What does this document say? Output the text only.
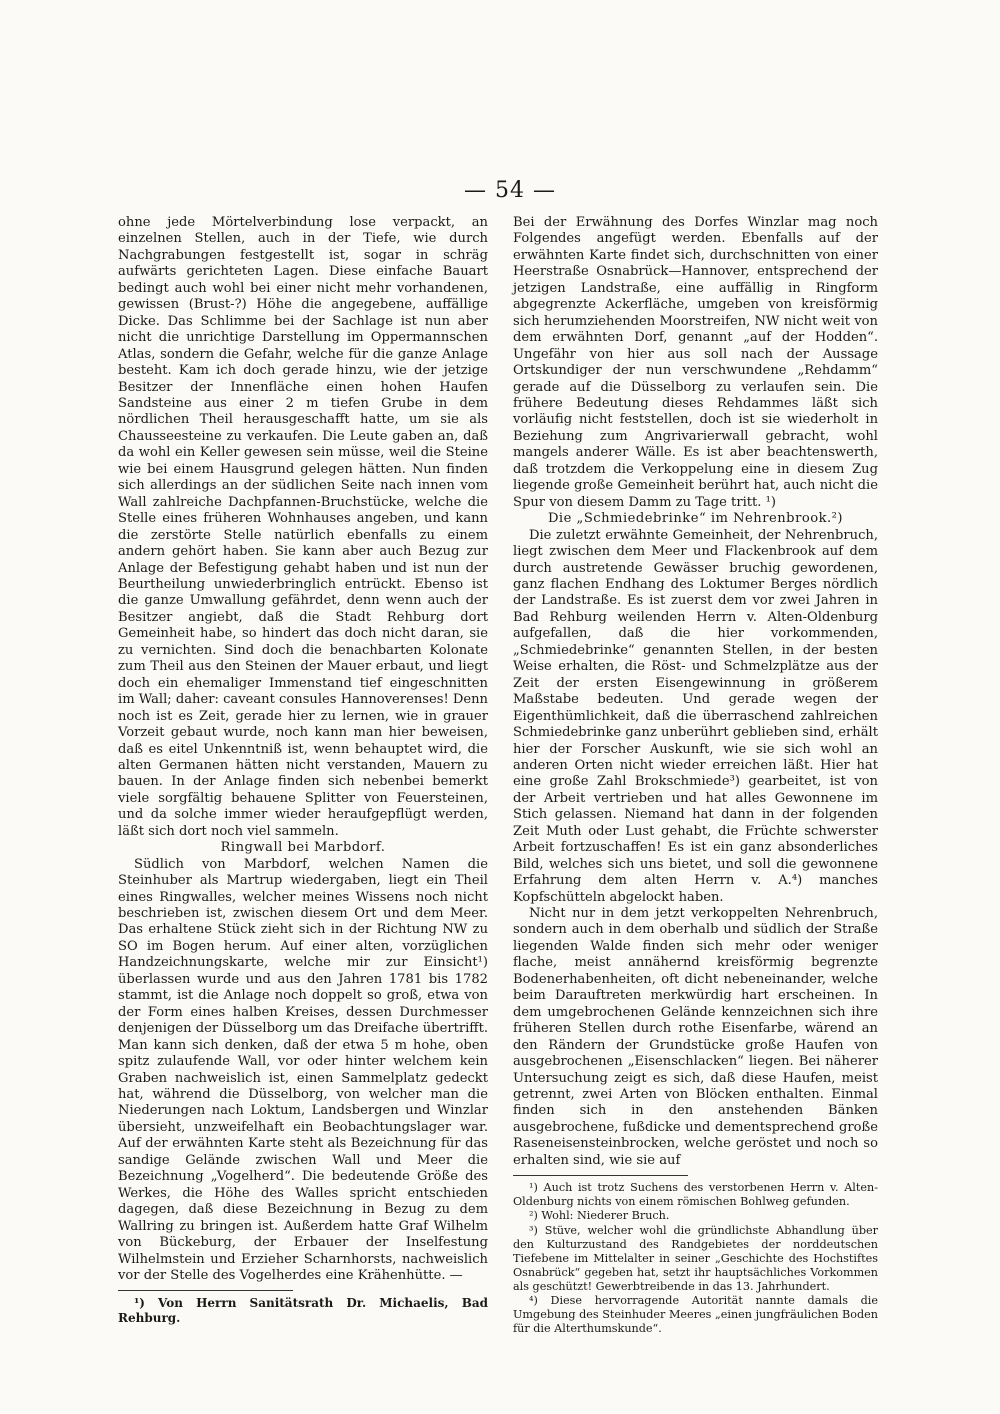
— 54 —

ohne jede Mörtelverbindung lose verpackt, an einzelnen Stellen, auch in der Tiefe, wie durch Nachgrabungen festgestellt ist, sogar in schräg aufwärts gerichteten Lagen. Diese einfache Bauart bedingt auch wohl bei einer nicht mehr vorhandenen, gewissen (Brust-?) Höhe die angegebene, auffällige Dicke. Das Schlimme bei der Sachlage ist nun aber nicht die unrichtige Darstellung im Oppermannschen Atlas, sondern die Gefahr, welche für die ganze Anlage besteht. Kam ich doch gerade hinzu, wie der jetzige Besitzer der Innenfläche einen hohen Haufen Sandsteine aus einer 2 m tiefen Grube in dem nördlichen Theil herausgeschafft hatte, um sie als Chausseesteine zu verkaufen. Die Leute gaben an, daß da wohl ein Keller gewesen sein müsse, weil die Steine wie bei einem Hausgrund gelegen hätten. Nun finden sich allerdings an der südlichen Seite nach innen vom Wall zahlreiche Dachpfannen-Bruchstücke, welche die Stelle eines früheren Wohnhauses angeben, und kann die zerstörte Stelle natürlich ebenfalls zu einem andern gehört haben. Sie kann aber auch Bezug zur Anlage der Befestigung gehabt haben und ist nun der Beurtheilung unwiederbringlich entrückt. Ebenso ist die ganze Umwallung gefährdet, denn wenn auch der Besitzer angiebt, daß die Stadt Rehburg dort Gemeinheit habe, so hindert das doch nicht daran, sie zu vernichten. Sind doch die benachbarten Kolonate zum Theil aus den Steinen der Mauer erbaut, und liegt doch ein ehemaliger Immenstand tief eingeschnitten im Wall; daher: caveant consules Hannoverenses! Denn noch ist es Zeit, gerade hier zu lernen, wie in grauer Vorzeit gebaut wurde, noch kann man hier beweisen, daß es eitel Unkenntniß ist, wenn behauptet wird, die alten Germanen hätten nicht verstanden, Mauern zu bauen. In der Anlage finden sich nebenbei bemerkt viele sorgfältig behauene Splitter von Feuersteinen, und da solche immer wieder heraufgepflügt werden, läßt sich dort noch viel sammeln.

Ringwall bei Marbdorf.

Südlich von Marbdorf, welchen Namen die Steinhuber als Martrup wiedergaben, liegt ein Theil eines Ringwalles, welcher meines Wissens noch nicht beschrieben ist, zwischen diesem Ort und dem Meer. Das erhaltene Stück zieht sich in der Richtung NW zu SO im Bogen herum. Auf einer alten, vorzüglichen Handzeichnungskarte, welche mir zur Einsicht¹) überlassen wurde und aus den Jahren 1781 bis 1782 stammt, ist die Anlage noch doppelt so groß, etwa von der Form eines halben Kreises, dessen Durchmesser denjenigen der Düsselborg um das Dreifache übertrifft. Man kann sich denken, daß der etwa 5 m hohe, oben spitz zulaufende Wall, vor oder hinter welchem kein Graben nachweislich ist, einen Sammelplatz gedeckt hat, während die Düsselborg, von welcher man die Niederungen nach Loktum, Landsbergen und Winzlar übersieht, unzweifelhaft ein Beobachtungslager war. Auf der erwähnten Karte steht als Bezeichnung für das sandige Gelände zwischen Wall und Meer die Bezeichnung „Vogelherd“. Die bedeutende Größe des Werkes, die Höhe des Walles spricht entschieden dagegen, daß diese Bezeichnung in Bezug zu dem Wallring zu bringen ist. Außerdem hatte Graf Wilhelm von Bückeburg, der Erbauer der Inselfestung Wilhelmstein und Erzieher Scharnhorsts, nachweislich vor der Stelle des Vogelherdes eine Krähenhütte. —

¹) Von Herrn Sanitätsrath Dr. Michaelis, Bad Rehburg.

Bei der Erwähnung des Dorfes Winzlar mag noch Folgendes angefügt werden. Ebenfalls auf der erwähnten Karte findet sich, durchschnitten von einer Heerstraße Osnabrück—Hannover, entsprechend der jetzigen Landstraße, eine auffällig in Ringform abgegrenzte Ackerfläche, umgeben von kreisförmig sich herumziehenden Moorstreifen, NW nicht weit von dem erwähnten Dorf, genannt „auf der Hodden“. Ungefähr von hier aus soll nach der Aussage Ortskundiger der nun verschwundene „Rehdamm“ gerade auf die Düsselborg zu verlaufen sein. Die frühere Bedeutung dieses Rehdammes läßt sich vorläufig nicht feststellen, doch ist sie wiederholt in Beziehung zum Angrivarierwall gebracht, wohl mangels anderer Wälle. Es ist aber beachtenswerth, daß trotzdem die Verkoppelung eine in diesem Zug liegende große Gemeinheit berührt hat, auch nicht die Spur von diesem Damm zu Tage tritt. ¹)

Die „Schmiedebrinke“ im Nehrenbrook.²)

Die zuletzt erwähnte Gemeinheit, der Nehrenbruch, liegt zwischen dem Meer und Flackenbrook auf dem durch austretende Gewässer bruchig gewordenen, ganz flachen Endhang des Loktumer Berges nördlich der Landstraße. Es ist zuerst dem vor zwei Jahren in Bad Rehburg weilenden Herrn v. Alten-Oldenburg aufgefallen, daß die hier vorkommenden, „Schmiedebrinke“ genannten Stellen, in der besten Weise erhalten, die Röst- und Schmelzplätze aus der Zeit der ersten Eisengewinnung in größerem Maßstabe bedeuten. Und gerade wegen der Eigenthümlichkeit, daß die überraschend zahlreichen Schmiedebrinke ganz unberührt geblieben sind, erhält hier der Forscher Auskunft, wie sie sich wohl an anderen Orten nicht wieder erreichen läßt. Hier hat eine große Zahl Brokschmiede³) gearbeitet, ist von der Arbeit vertrieben und hat alles Gewonnene im Stich gelassen. Niemand hat dann in der folgenden Zeit Muth oder Lust gehabt, die Früchte schwerster Arbeit fortzuschaffen! Es ist ein ganz absonderliches Bild, welches sich uns bietet, und soll die gewonnene Erfahrung dem alten Herrn v. A.⁴) manches Kopfschütteln abgelockt haben.

Nicht nur in dem jetzt verkoppelten Nehrenbruch, sondern auch in dem oberhalb und südlich der Straße liegenden Walde finden sich mehr oder weniger flache, meist annähernd kreisförmig begrenzte Bodenerhabenheiten, oft dicht nebeneinander, welche beim Darauftreten merkwürdig hart erscheinen. In dem umgebrochenen Gelände kennzeichnen sich ihre früheren Stellen durch rothe Eisenfarbe, wärend an den Rändern der Grundstücke große Haufen von ausgebrochenen „Eisenschlacken“ liegen. Bei näherer Untersuchung zeigt es sich, daß diese Haufen, meist getrennt, zwei Arten von Blöcken enthalten. Einmal finden sich in den anstehenden Bänken ausgebrochene, fußdicke und dementsprechend große Raseneisensteinbrocken, welche geröstet und noch so erhalten sind, wie sie auf

¹) Auch ist trotz Suchens des verstorbenen Herrn v. Alten-Oldenburg nichts von einem römischen Bohlweg gefunden.

²) Wohl: Niederer Bruch.

³) Stüve, welcher wohl die gründlichste Abhandlung über den Kulturzustand des Randgebietes der norddeutschen Tiefebene im Mittelalter in seiner „Geschichte des Hochstiftes Osnabrück“ gegeben hat, setzt ihr hauptsächliches Vorkommen als geschützt! Gewerbtreibende in das 13. Jahrhundert.

⁴) Diese hervorragende Autorität nannte damals die Umgebung des Steinhuder Meeres „einen jungfräulichen Boden für die Alterthumskunde“.
